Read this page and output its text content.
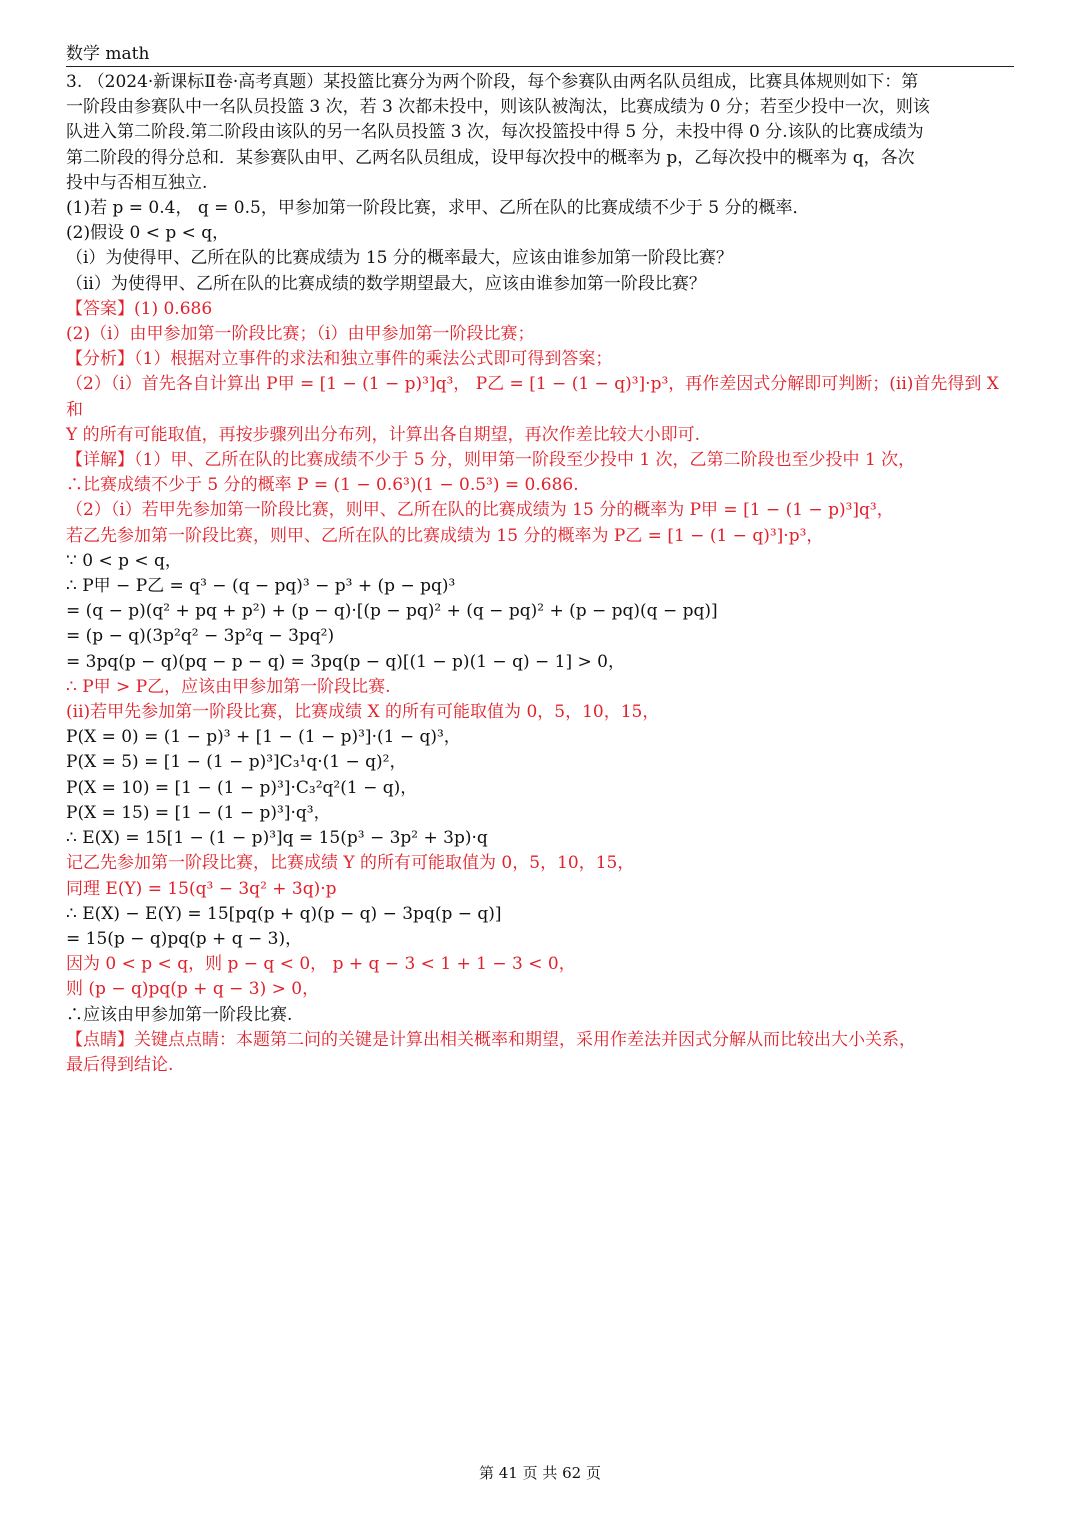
数学 math
3. （2024·新课标Ⅱ卷·高考真题）某投篮比赛分为两个阶段，每个参赛队由两名队员组成，比赛具体规则如下：第
一阶段由参赛队中一名队员投篮 3 次，若 3 次都未投中，则该队被淘汰，比赛成绩为 0 分；若至少投中一次，则该
队进入第二阶段.第二阶段由该队的另一名队员投篮 3 次，每次投篮投中得 5 分，未投中得 0 分.该队的比赛成绩为
第二阶段的得分总和．某参赛队由甲、乙两名队员组成，设甲每次投中的概率为 p，乙每次投中的概率为 q，各次
投中与否相互独立.
(1)若 p = 0.4， q = 0.5，甲参加第一阶段比赛，求甲、乙所在队的比赛成绩不少于 5 分的概率．
(2)假设 0 < p < q，
（i）为使得甲、乙所在队的比赛成绩为 15 分的概率最大，应该由谁参加第一阶段比赛？
（ii）为使得甲、乙所在队的比赛成绩的数学期望最大，应该由谁参加第一阶段比赛？
【答案】(1) 0.686
(2)（i）由甲参加第一阶段比赛；（i）由甲参加第一阶段比赛；
【分析】（1）根据对立事件的求法和独立事件的乘法公式即可得到答案；
（2）（i）首先各自计算出 P甲 = [1 − (1 − p)³]q³， P乙 = [1 − (1 − q)³]·p³，再作差因式分解即可判断；(ii)首先得到 X 和
Y 的所有可能取值，再按步骤列出分布列，计算出各自期望，再次作差比较大小即可.
【详解】（1）甲、乙所在队的比赛成绩不少于 5 分，则甲第一阶段至少投中 1 次，乙第二阶段也至少投中 1 次，
∴比赛成绩不少于 5 分的概率 P = (1 − 0.6³)(1 − 0.5³) = 0.686.
（2）（i）若甲先参加第一阶段比赛，则甲、乙所在队的比赛成绩为 15 分的概率为 P甲 = [1 − (1 − p)³]q³，
若乙先参加第一阶段比赛，则甲、乙所在队的比赛成绩为 15 分的概率为 P乙 = [1 − (1 − q)³]·p³，
∵ 0 < p < q，
∴ P甲 − P乙 = q³ − (q − pq)³ − p³ + (p − pq)³
= (q − p)(q² + pq + p²) + (p − q)·[(p − pq)² + (q − pq)² + (p − pq)(q − pq)]
= (p − q)(3p²q² − 3p²q − 3pq²)
= 3pq(p − q)(pq − p − q) = 3pq(p − q)[(1 − p)(1 − q) − 1] > 0，
∴ P甲 > P乙，应该由甲参加第一阶段比赛.
(ii)若甲先参加第一阶段比赛，比赛成绩 X 的所有可能取值为 0，5，10，15，
P(X = 0) = (1 − p)³ + [1 − (1 − p)³]·(1 − q)³，
P(X = 5) = [1 − (1 − p)³]C₃¹q·(1 − q)²，
P(X = 10) = [1 − (1 − p)³]·C₃²q²(1 − q)，
P(X = 15) = [1 − (1 − p)³]·q³，
∴ E(X) = 15[1 − (1 − p)³]q = 15(p³ − 3p² + 3p)·q
记乙先参加第一阶段比赛，比赛成绩 Y 的所有可能取值为 0，5，10，15，
同理 E(Y) = 15(q³ − 3q² + 3q)·p
∴ E(X) − E(Y) = 15[pq(p + q)(p − q) − 3pq(p − q)]
= 15(p − q)pq(p + q − 3)，
因为 0 < p < q，则 p − q < 0， p + q − 3 < 1 + 1 − 3 < 0，
则 (p − q)pq(p + q − 3) > 0，
∴应该由甲参加第一阶段比赛.
【点睛】关键点点睛：本题第二问的关键是计算出相关概率和期望，采用作差法并因式分解从而比较出大小关系，
最后得到结论.
第 41 页 共 62 页
